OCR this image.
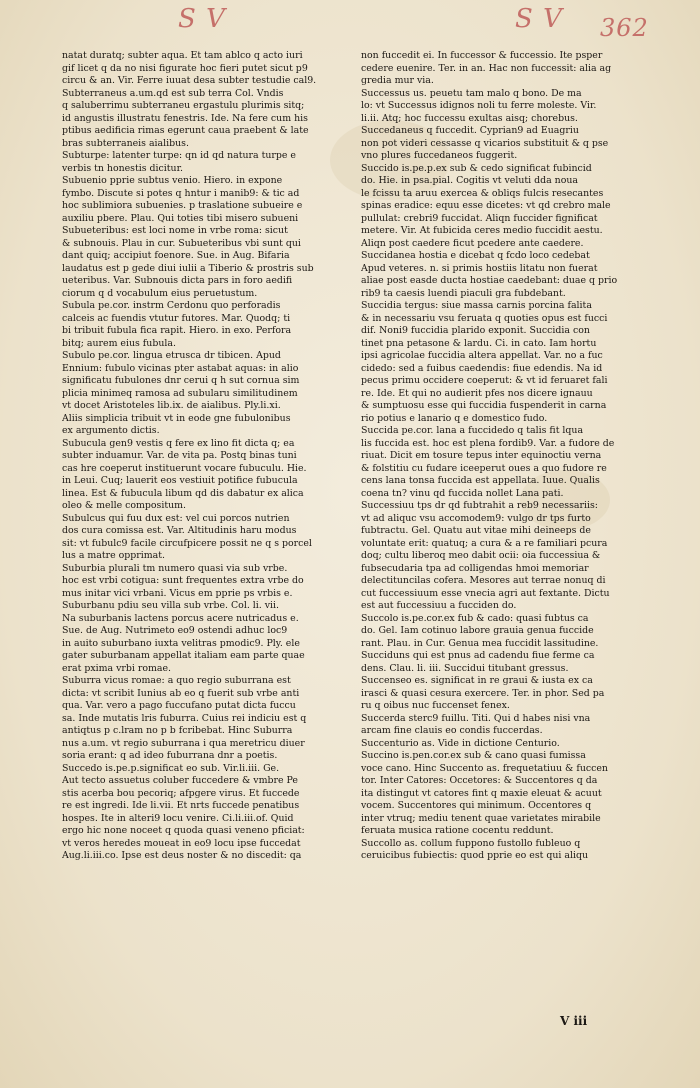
S V	S V 362
natat duratq; subter aqua. Et tam ablco q acto iuri
gif licet q da no nisi figurate hoc fieri putet sicut p9
circu & an. Vir. Ferre iuuat desa subter testudie cal9.
Subterraneus a.um.qd est sub terra Col. Vndis
q saluberrimu subterraneu ergastulu plurimis sitq;
id angustis illustratu fenestris. Ide. Na fere cum his
ptibus aedificia rimas egerunt caua praebent & late
bras subterraneis aialibus.
Subturpe: latenter turpe: qn id qd natura turpe e
verbis tn honestis dicitur.
Subuenio pprie subtus venio. Hiero. in expone
fymbo. Discute si potes q hntur i manib9: & tic ad
hoc sublimiora subuenies. p traslatione subueire e
auxiliu pbere. Plau. Qui toties tibi misero subueni
Subueteribus: est loci nome in vrbe roma: sicut
& subnouis. Plau in cur. Subueteribus vbi sunt qui
dant quiq; accipiut foenore. Sue. in Aug. Bifaria
laudatus est p gede diui iulii a Tiberio & prostris sub
ueteribus. Var. Subnouis dicta pars in foro aedifi
ciorum q d vocabulum eius peruetustum.
Subula pe.cor. instrm Cerdonu quo perforadis
calceis ac fuendis vtutur futores. Mar. Quodq; ti
bi tribuit fubula fica rapit. Hiero. in exo. Perfora
bitq; aurem eius fubula.
Subulo pe.cor. lingua etrusca dr tibicen. Apud
Ennium: fubulo vicinas pter astabat aquas: in alio
significatu fubulones dnr cerui q h sut cornua sim
plicia minimeq ramosa ad subularu similitudinem
vt docet Aristoteles lib.ix. de aialibus. Ply.li.xi.
Aliis simplicia tribuit vt in eode gne fubulonibus
ex argumento dictis.
Subucula gen9 vestis q fere ex lino fit dicta q; ea
subter induamur. Var. de vita pa. Postq binas tuni
cas hre coeperut instituerunt vocare fubuculu. Hie.
in Leui. Cuq; lauerit eos vestiuit potifice fubucula
linea. Est & fubucula libum qd dis dabatur ex alica
oleo & melle compositum.
Subulcus qui fuu dux est: vel cui porcos nutrien
dos cura comissa est. Var. Altitudinis haru modus
sit: vt fubulc9 facile circufpicere possit ne q s porcel
lus a matre opprimat.
Suburbia plurali tm numero quasi via sub vrbe.
hoc est vrbi cotigua: sunt frequentes extra vrbe do
mus initar vici vrbani. Vicus em pprie ps vrbis e.
Suburbanu pdiu seu villa sub vrbe. Col. li. vii.
Na suburbanis lactens porcus acere nutricadus e.
Sue. de Aug. Nutrimeto eo9 ostendi adhuc loc9
in auito suburbano iuxta velitras pmodic9. Ply. ele
gater suburbanam appellat italiam eam parte quae
erat pxima vrbi romae.
Suburra vicus romae: a quo regio suburrana est
dicta: vt scribit Iunius ab eo q fuerit sub vrbe anti
qua. Var. vero a pago fuccufano putat dicta fuccu
sa. Inde mutatis lris fuburra. Cuius rei indiciu est q
antiqtus p c.lram no p b fcribebat. Hinc Suburra
nus a.um. vt regio suburrana i qua meretricu diuer
soria erant: q ad ideo fuburrana dnr a poetis.
Succedo is.pe.p.significat eo sub. Vir.li.iii. Ge.
Aut tecto assuetus coluber fuccedere & vmbre Pe
stis acerba bou pecoriq; afpgere virus. Et fuccede
re est ingredi. Ide li.vii. Et nrts fuccede penatibus
hospes. Ite in alteri9 locu venire. Ci.li.iii.of. Quid
ergo hic none noceet q quoda quasi veneno pficiat:
vt veros heredes moueat in eo9 locu ipse fuccedat
Aug.li.iii.co. Ipse est deus noster & no discedit: qa
non fuccedit ei. In fuccessor & fuccessio. Ite psper
cedere euenire. Ter. in an. Hac non fuccessit: alia ag
gredia mur via.
Successus us. peuetu tam malo q bono. De ma
lo: vt Successus idignos noli tu ferre moleste. Vir.
li.ii. Atq; hoc fuccessu exultas aisq; chorebus.
Succedaneus q fuccedit. Cyprian9 ad Euagriu
non pot videri cessasse q vicarios substituit & q pse
vno plures fuccedaneos fuggerit.
Succido is.pe.p.ex sub & cedo significat fubincid
do. Hie. in psa.pial. Cogitis vt veluti dda noua
le fcissu ta aruu exercea & obliqs fulcis resecantes
spinas eradice: equu esse dicetes: vt qd crebro male
pullulat: crebri9 fuccidat. Aliqn fuccider fignificat
metere. Vir. At fubicida ceres medio fuccidit aestu.
Aliqn post caedere ficut pcedere ante caedere.
Succidanea hostia e dicebat q fcdo loco cedebat
Apud veteres. n. si primis hostiis litatu non fuerat
aliae post easde ducta hostiae caedebant: duae q prio
rib9 ta caesis luendi piaculi gra fubdebant.
Succidia tergus: siue massa carnis porcina falita
& in necessariu vsu feruata q quoties opus est fucci
dif. Noni9 fuccidia plarido exponit. Succidia con
tinet pna petasone & lardu. Ci. in cato. Iam hortu
ipsi agricolae fuccidia altera appellat. Var. no a fuc
cidedo: sed a fuibus caedendis: fiue edendis. Na id
pecus primu occidere coeperut: & vt id feruaret fali
re. Ide. Et qui no audierit pfes nos dicere ignauu
& sumptuosu esse qui fuccidia fuspenderit in carna
rio potius e lanario q e domestico fudo.
Succida pe.cor. lana a fuccidedo q talis fit lqua
lis fuccida est. hoc est plena fordib9. Var. a fudore de
riuat. Dicit em tosure tepus inter equinoctiu verna
& folstitiu cu fudare iceeperut oues a quo fudore re
cens lana tonsa fuccida est appellata. Iuue. Qualis
coena tn? vinu qd fuccida nollet Lana pati.
Successiuu tps dr qd fubtrahit a reb9 necessariis:
vt ad aliquc vsu accomodem9: vulgo dr tps furto
fubtractu. Gel. Quatu aut vitae mihi deineeps de
voluntate erit: quatuq; a cura & a re familiari pcura
doq; cultu liberoq meo dabit ocii: oia fuccessiua &
fubsecudaria tpa ad colligendas hmoi memoriar
delectituncilas cofera. Mesores aut terrae nonuq di
cut fuccessiuum esse vnecia agri aut fextante. Dictu
est aut fuccessiuu a fucciden do.
Succolo is.pe.cor.ex fub & cado: quasi fubtus ca
do. Gel. Iam cotinuo labore grauia genua fuccide
rant. Plau. in Cur. Genua mea fuccidit lassitudine.
Succiduns qui est pnus ad cadendu fiue ferme ca
dens. Clau. li. iii. Succidui titubant gressus.
Succenseo es. significat in re graui & iusta ex ca
irasci & quasi cesura exercere. Ter. in phor. Sed pa
ru q oibus nuc fuccenset fenex.
Succerda sterc9 fuillu. Titi. Qui d habes nisi vna
arcam fine clauis eo condis fuccerdas.
Succenturio as. Vide in dictione Centurio.
Succino is.pen.cor.ex sub & cano quasi fumissa
voce cano. Hinc Succento as. frequetatiuu & fuccen
tor. Inter Catores: Occetores: & Succentores q da
ita distingut vt catores fint q maxie eleuat & acuut
vocem. Succentores qui minimum. Occentores q
inter vtruq; mediu tenent quae varietates mirabile
feruata musica ratione cocentu reddunt.
Succollo as. collum fuppono fustollo fubleuo q
ceruicibus fubiectis: quod pprie eo est qui aliqu
V iii
